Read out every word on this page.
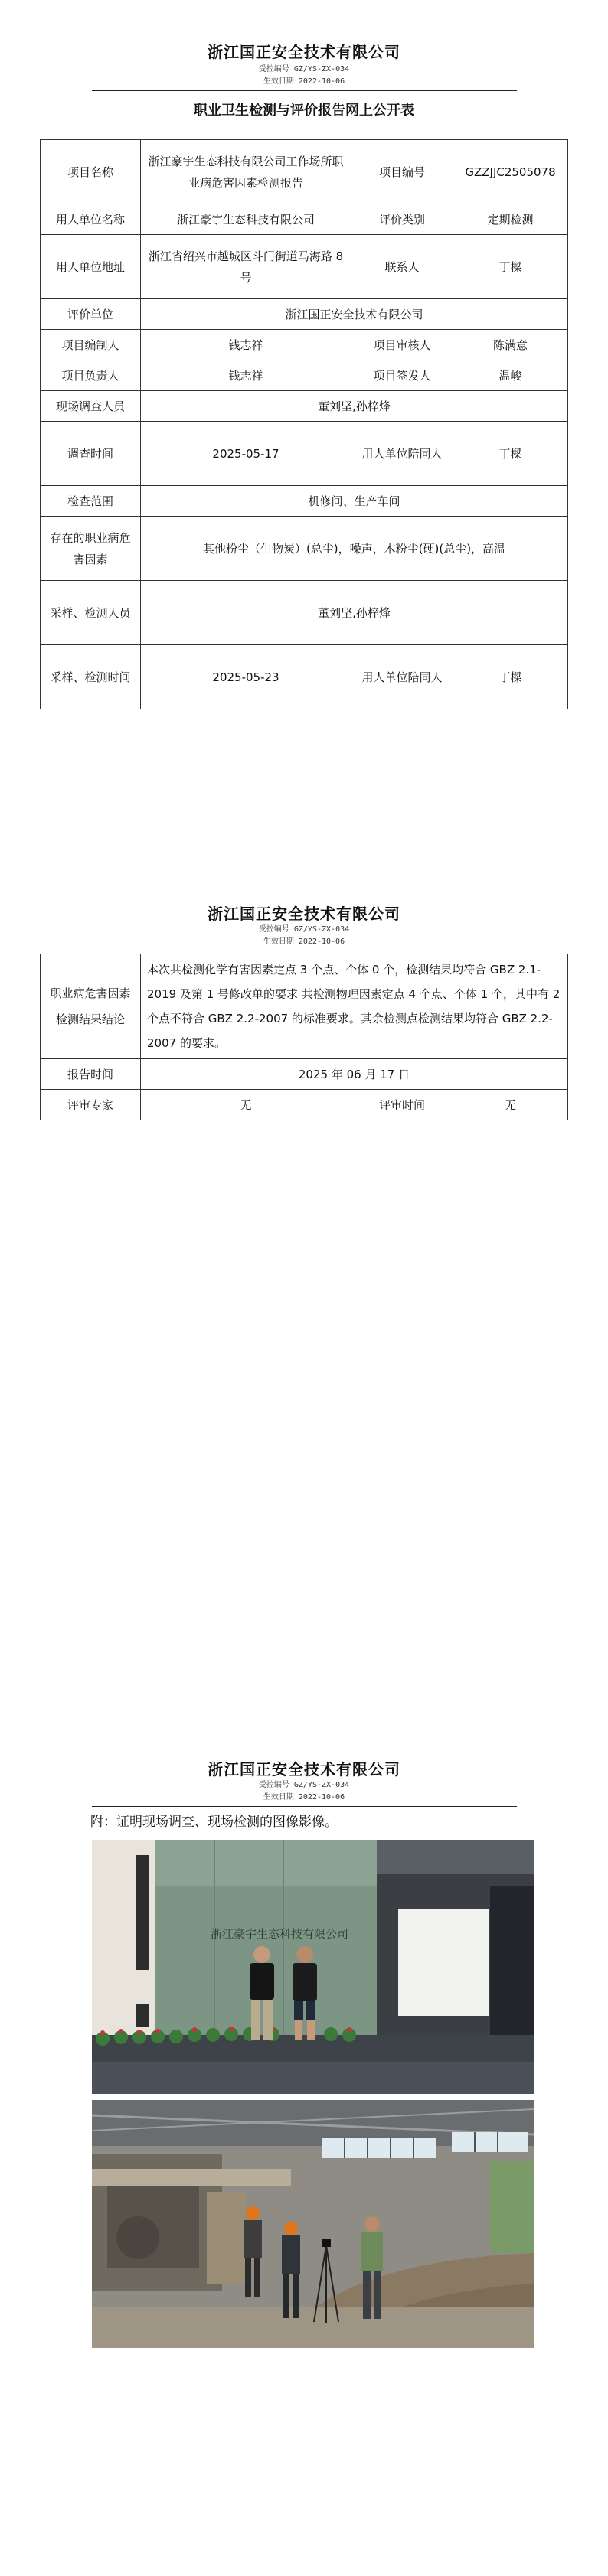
浙江国正安全技术有限公司
受控编号 GZ/YS-ZX-034
生效日期 2022-10-06
职业卫生检测与评价报告网上公开表
项目名称	浙江豪宇生态科技有限公司工作场所职业病危害因素检测报告	项目编号	GZZJJC2505078
用人单位名称	浙江豪宇生态科技有限公司	评价类别	定期检测
用人单位地址	浙江省绍兴市越城区斗门街道马海路 8 号	联系人	丁樑
评价单位	浙江国正安全技术有限公司		
项目编制人	钱志祥	项目审核人	陈满意
项目负责人	钱志祥	项目签发人	温峻
现场调查人员	董刘坚,孙梓烽		
调查时间	2025-05-17	用人单位陪同人	丁樑
检查范围	机修间、生产车间		
存在的职业病危害因素	其他粉尘（生物炭）(总尘)，噪声，木粉尘(硬)(总尘)，高温		
采样、检测人员	董刘坚,孙梓烽		
采样、检测时间	2025-05-23	用人单位陪同人	丁樑
浙江国正安全技术有限公司
受控编号 GZ/YS-ZX-034
生效日期 2022-10-06
职业病危害因素检测结果结论	本次共检测化学有害因素定点 3 个点、个体 0 个，检测结果均符合 GBZ 2.1-2019 及第 1 号修改单的要求 共检测物理因素定点 4 个点、个体 1 个，其中有 2 个点不符合 GBZ 2.2-2007 的标准要求。其余检测点检测结果均符合 GBZ 2.2-2007 的要求。		
报告时间	2025 年 06 月 17 日		
评审专家	无	评审时间	无
浙江国正安全技术有限公司
受控编号 GZ/YS-ZX-034
生效日期 2022-10-06
附：证明现场调查、现场检测的图像影像。
浙江豪宇生态科技有限公司
